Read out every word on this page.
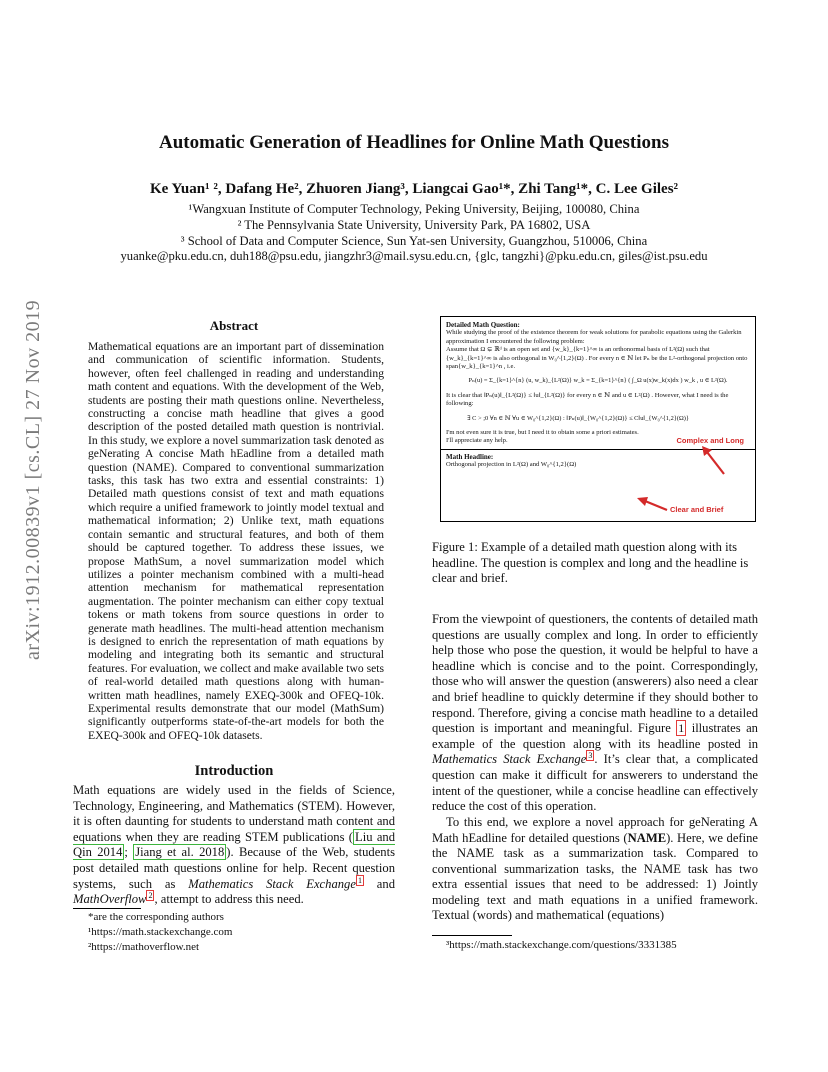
arXiv:1912.00839v1 [cs.CL] 27 Nov 2019
Automatic Generation of Headlines for Online Math Questions
Ke Yuan¹ ², Dafang He², Zhuoren Jiang³, Liangcai Gao¹*, Zhi Tang¹*, C. Lee Giles²
¹Wangxuan Institute of Computer Technology, Peking University, Beijing, 100080, China
² The Pennsylvania State University, University Park, PA 16802, USA
³ School of Data and Computer Science, Sun Yat-sen University, Guangzhou, 510006, China
yuanke@pku.edu.cn, duh188@psu.edu, jiangzhr3@mail.sysu.edu.cn, {glc, tangzhi}@pku.edu.cn, giles@ist.psu.edu
Abstract
Mathematical equations are an important part of dissemination and communication of scientific information. Students, however, often feel challenged in reading and understanding math content and equations. With the development of the Web, students are posting their math questions online. Nevertheless, constructing a concise math headline that gives a good description of the posted detailed math question is nontrivial. In this study, we explore a novel summarization task denoted as geNerating A concise Math hEadline from a detailed math question (NAME). Compared to conventional summarization tasks, this task has two extra and essential constraints: 1) Detailed math questions consist of text and math equations which require a unified framework to jointly model textual and mathematical information; 2) Unlike text, math equations contain semantic and structural features, and both of them should be captured together. To address these issues, we propose MathSum, a novel summarization model which utilizes a pointer mechanism combined with a multi-head attention mechanism for mathematical representation augmentation. The pointer mechanism can either copy textual tokens or math tokens from source questions in order to generate math headlines. The multi-head attention mechanism is designed to enrich the representation of math equations by modeling and integrating both its semantic and structural features. For evaluation, we collect and make available two sets of real-world detailed math questions along with human-written math headlines, namely EXEQ-300k and OFEQ-10k. Experimental results demonstrate that our model (MathSum) significantly outperforms state-of-the-art models for both the EXEQ-300k and OFEQ-10k datasets.
Introduction
Math equations are widely used in the fields of Science, Technology, Engineering, and Mathematics (STEM). However, it is often daunting for students to understand math content and equations when they are reading STEM publications ( Liu and Qin 2014 ; Jiang et al. 2018 ). Because of the Web, students post detailed math questions online for help. Recent question systems, such as Mathematics Stack Exchange $^1$ and MathOverflow $^2$ , attempt to address this need.
*are the corresponding authors
¹https://math.stackexchange.com
²https://mathoverflow.net
Detailed Math Question:
While studying the proof of the existence theorem for weak solutions for parabolic equations using the Galerkin approximation I encountered the following problem:
Assume that Ω ⊊ ℝᵈ is an open set and {w_k}_{k=1}^∞ is an orthonormal basis of L²(Ω) such that {w_k}_{k=1}^∞ is also orthogonal in W₀^{1,2}(Ω) . For every n ∈ ℕ let Pₙ be the L²-orthogonal projection onto span{w_k}_{k=1}^n , i.e.
Pₙ(u) = Σ_{k=1}^{n} (u, w_k)_{L²(Ω)} w_k = Σ_{k=1}^{n} ( ∫_Ω u(x)w_k(x)dx ) w_k , u ∈ L²(Ω).
It is clear that ‖Pₙ(u)‖_{L²(Ω)} ≤ ‖u‖_{L²(Ω)} for every n ∈ ℕ and u ∈ L²(Ω) . However, what I need is the following:
∃ C > ;0 ∀n ∈ ℕ ∀u ∈ W₀^{1,2}(Ω) : ‖Pₙ(u)‖_{W₀^{1,2}(Ω)} ≤ C‖u‖_{W₀^{1,2}(Ω)}
I'm not even sure it is true, but I need it to obtain some a priori estimates.
I'll appreciate any help.	Complex and Long
Math Headline:
Orthogonal projection in L²(Ω) and W₀^{1,2}(Ω)
Clear and Brief
Figure 1: Example of a detailed math question along with its headline. The question is complex and long and the headline is clear and brief.
From the viewpoint of questioners, the contents of detailed math questions are usually complex and long. In order to efficiently help those who pose the question, it would be helpful to have a headline which is concise and to the point. Correspondingly, those who will answer the question (answerers) also need a clear and brief headline to quickly determine if they should bother to respond. Therefore, giving a concise math headline to a detailed question is important and meaningful. Figure 1 illustrates an example of the question along with its headline posted in Mathematics Stack Exchange $^3$ . It’s clear that, a complicated question can make it difficult for answerers to understand the intent of the questioner, while a concise headline can effectively reduce the cost of this operation.
To this end, we explore a novel approach for geNerating A Math hEadline for detailed questions (NAME). Here, we define the NAME task as a summarization task. Compared to conventional summarization tasks, the NAME task has two extra essential issues that need to be addressed: 1) Jointly modeling text and math equations in a unified framework. Textual (words) and mathematical (equations)
³https://math.stackexchange.com/questions/3331385
